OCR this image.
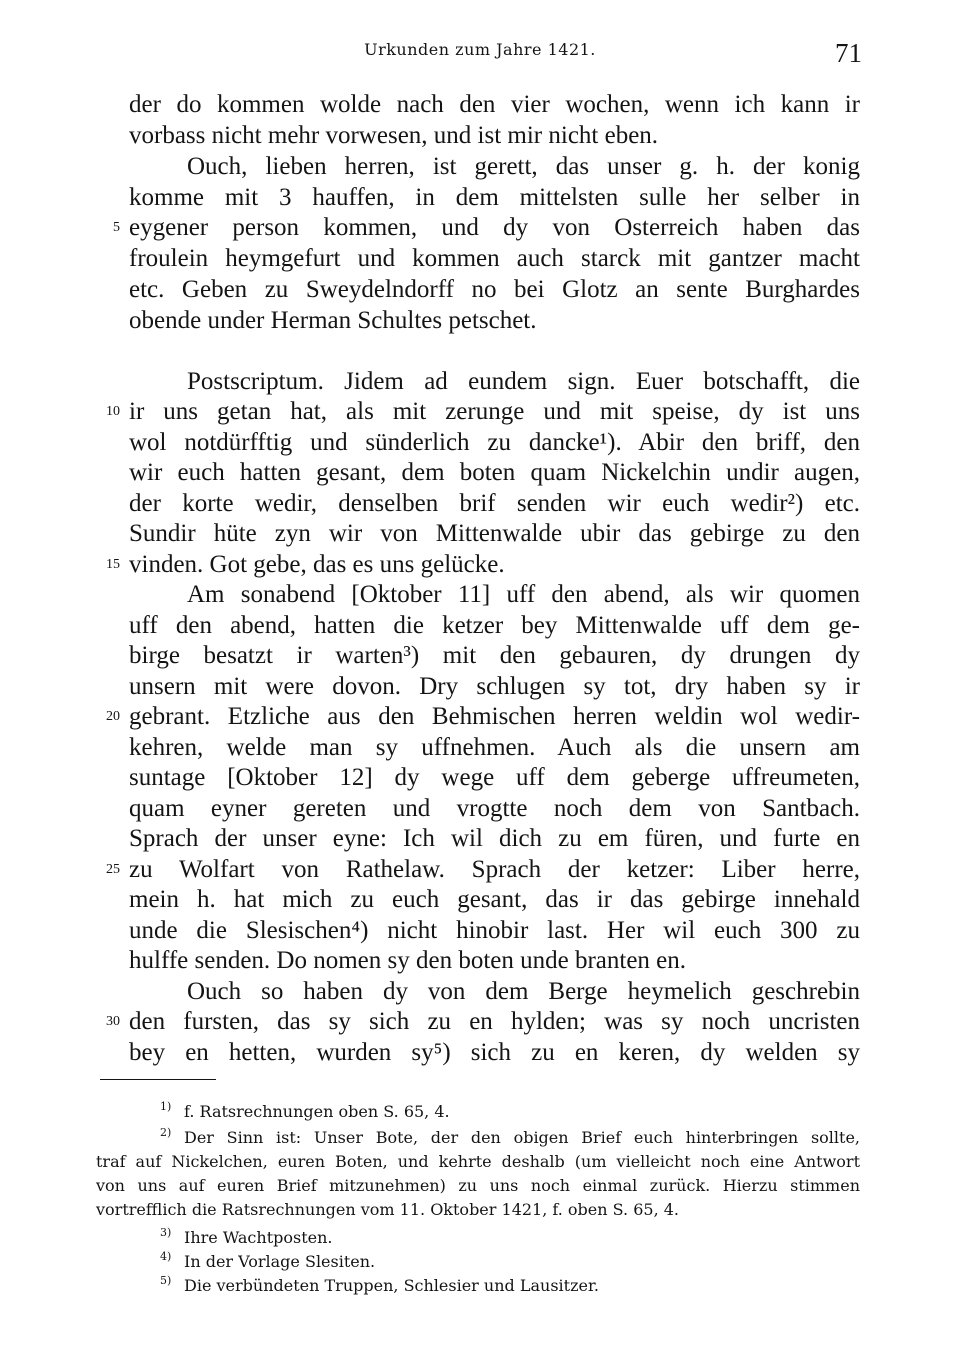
Urkunden zum Jahre 1421.	71
der do kommen wolde nach den vier wochen, wenn ich kann ir
vorbass nicht mehr vorwesen, und ist mir nicht eben.
Ouch, lieben herren, ist gerett, das unser g. h. der konig
komme mit 3 hauffen, in dem mittelsten sulle her selber in
eygener person kommen, und dy von Osterreich haben das
froulein heymgefurt und kommen auch starck mit gantzer macht
etc. Geben zu Sweydelndorff no bei Glotz an sente Burghardes
obende under Herman Schultes petschet.
Postscriptum. Jidem ad eundem sign. Euer botschafft, die
ir uns getan hat, als mit zerunge und mit speise, dy ist uns
wol notdürfftig und sünderlich zu dancke¹). Abir den briff, den
wir euch hatten gesant, dem boten quam Nickelchin undir augen,
der korte wedir, denselben brif senden wir euch wedir²) etc.
Sundir hüte zyn wir von Mittenwalde ubir das gebirge zu den
vinden. Got gebe, das es uns gelücke.
Am sonabend [Oktober 11] uff den abend, als wir quomen
uff den abend, hatten die ketzer bey Mittenwalde uff dem ge-
birge besatzt ir warten³) mit den gebauren, dy drungen dy
unsern mit were dovon. Dry schlugen sy tot, dry haben sy ir
gebrant. Etzliche aus den Behmischen herren weldin wol wedir-
kehren, welde man sy uffnehmen. Auch als die unsern am
suntage [Oktober 12] dy wege uff dem geberge uffreumeten,
quam eyner gereten und vrogtte noch dem von Santbach.
Sprach der unser eyne: Ich wil dich zu em füren, und furte en
zu Wolfart von Rathelaw. Sprach der ketzer: Liber herre,
mein h. hat mich zu euch gesant, das ir das gebirge innehald
unde die Slesischen⁴) nicht hinobir last. Her wil euch 300 zu
hulffe senden. Do nomen sy den boten unde branten en.
Ouch so haben dy von dem Berge heymelich geschrebin
den fursten, das sy sich zu en hylden; was sy noch uncristen
bey en hetten, wurden sy⁵) sich zu en keren, dy welden sy
5
10
15
20
25
30
1) f. Ratsrechnungen oben S. 65, 4.
2) Der Sinn ist: Unser Bote, der den obigen Brief euch hinterbringen sollte,
traf auf Nickelchen, euren Boten, und kehrte deshalb (um vielleicht noch eine Antwort
von uns auf euren Brief mitzunehmen) zu uns noch einmal zurück. Hierzu stimmen
vortrefflich die Ratsrechnungen vom 11. Oktober 1421, f. oben S. 65, 4.
3) Ihre Wachtposten.
4) In der Vorlage Slesiten.
5) Die verbündeten Truppen, Schlesier und Lausitzer.
